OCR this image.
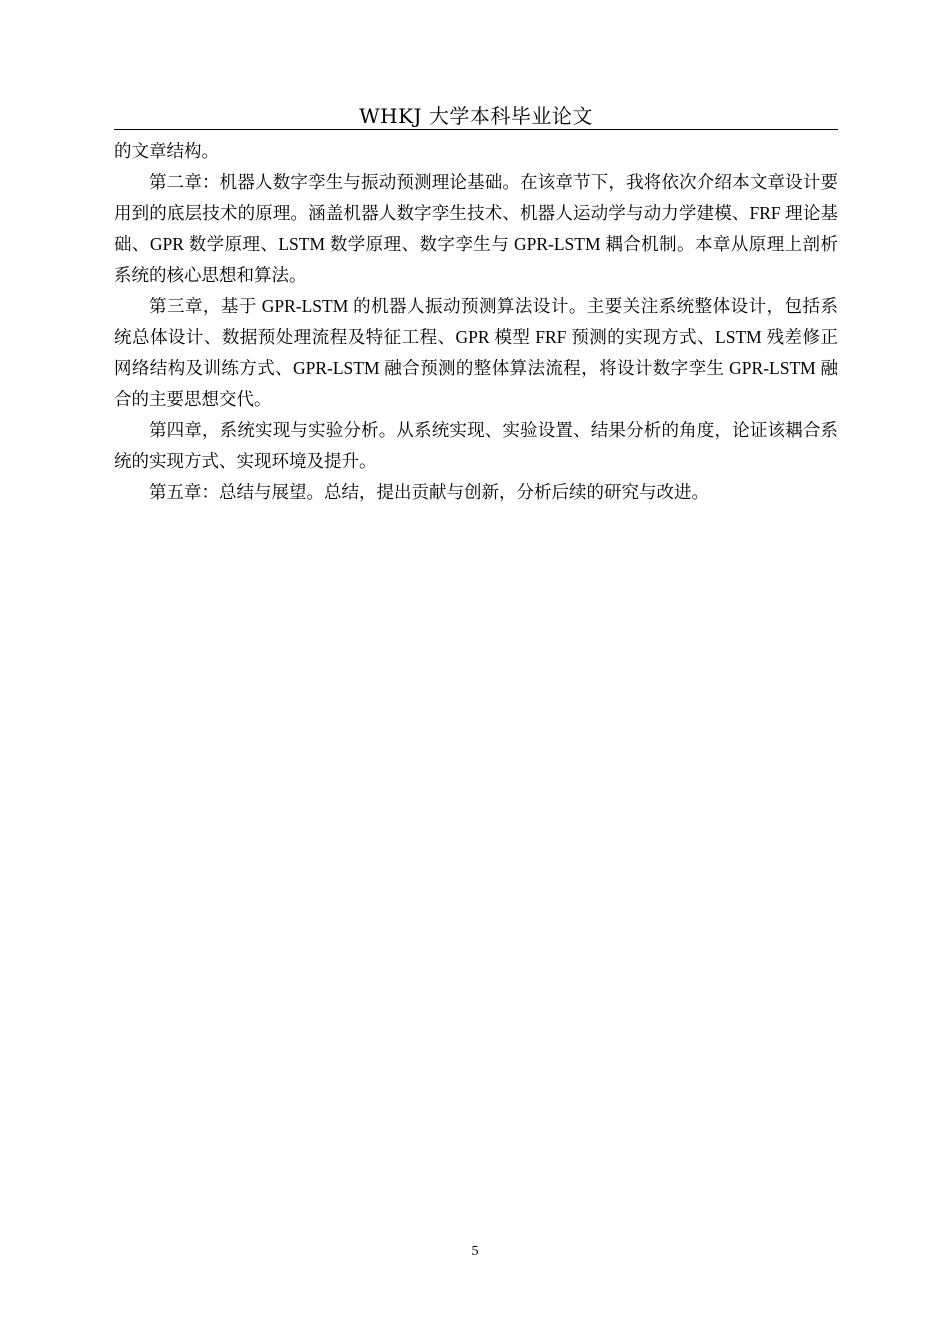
WHKJ 大学本科毕业论文

的文章结构。

第二章：机器人数字孪生与振动预测理论基础。在该章节下，我将依次介绍本文章设计要用到的底层技术的原理。涵盖机器人数字孪生技术、机器人运动学与动力学建模、FRF 理论基础、GPR 数学原理、LSTM 数学原理、数字孪生与 GPR-LSTM 耦合机制。本章从原理上剖析系统的核心思想和算法。

第三章，基于 GPR-LSTM 的机器人振动预测算法设计。主要关注系统整体设计，包括系统总体设计、数据预处理流程及特征工程、GPR 模型 FRF 预测的实现方式、LSTM 残差修正网络结构及训练方式、GPR-LSTM 融合预测的整体算法流程，将设计数字孪生 GPR-LSTM 融合的主要思想交代。

第四章，系统实现与实验分析。从系统实现、实验设置、结果分析的角度，论证该耦合系统的实现方式、实现环境及提升。

第五章：总结与展望。总结，提出贡献与创新，分析后续的研究与改进。

5
